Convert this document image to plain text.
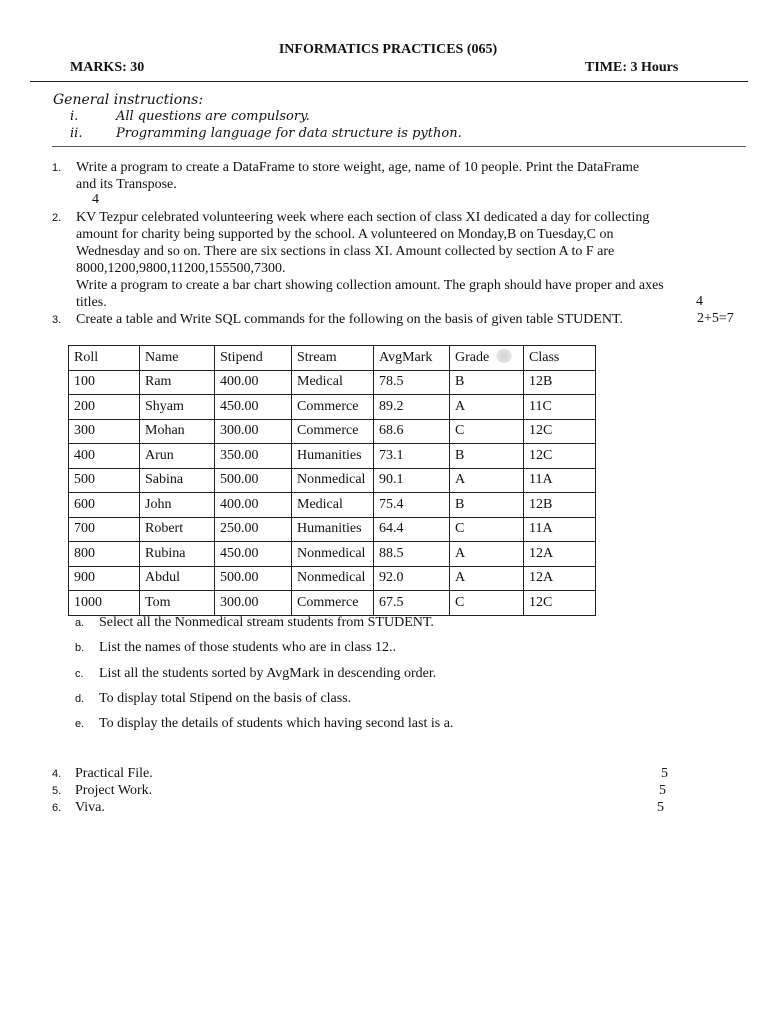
INFORMATICS PRACTICES (065)
MARKS: 30	TIME: 3 Hours
General instructions:
i.	All questions are compulsory.
ii.	Programming language for data structure is python.
1. Write a program to create a DataFrame to store weight, age, name of 10 people. Print the DataFrame
and its Transpose.
4
2. KV Tezpur celebrated volunteering week where each section of class XI dedicated a day for collecting
amount for charity being supported by the school. A volunteered on Monday,B on Tuesday,C on
Wednesday and so on. There are six sections in class XI. Amount collected by section A to F are
8000,1200,9800,11200,155500,7300.
Write a program to create a bar chart showing collection amount. The graph should have proper and axes
titles.	4
3. Create a table and Write SQL commands for the following on the basis of given table STUDENT.	2+5=7
Roll	Name	Stipend	Stream	AvgMark	Grade	Class
100	Ram	400.00	Medical	78.5	B	12B
200	Shyam	450.00	Commerce	89.2	A	11C
300	Mohan	300.00	Commerce	68.6	C	12C
400	Arun	350.00	Humanities	73.1	B	12C
500	Sabina	500.00	Nonmedical	90.1	A	11A
600	John	400.00	Medical	75.4	B	12B
700	Robert	250.00	Humanities	64.4	C	11A
800	Rubina	450.00	Nonmedical	88.5	A	12A
900	Abdul	500.00	Nonmedical	92.0	A	12A
1000	Tom	300.00	Commerce	67.5	C	12C
a. Select all the Nonmedical stream students from STUDENT.
b. List the names of those students who are in class 12..
c. List all the students sorted by AvgMark in descending order.
d. To display total Stipend on the basis of class.
e. To display the details of students which having second last is a.
4. Practical File.	5
5. Project Work.	5
6. Viva.	5
